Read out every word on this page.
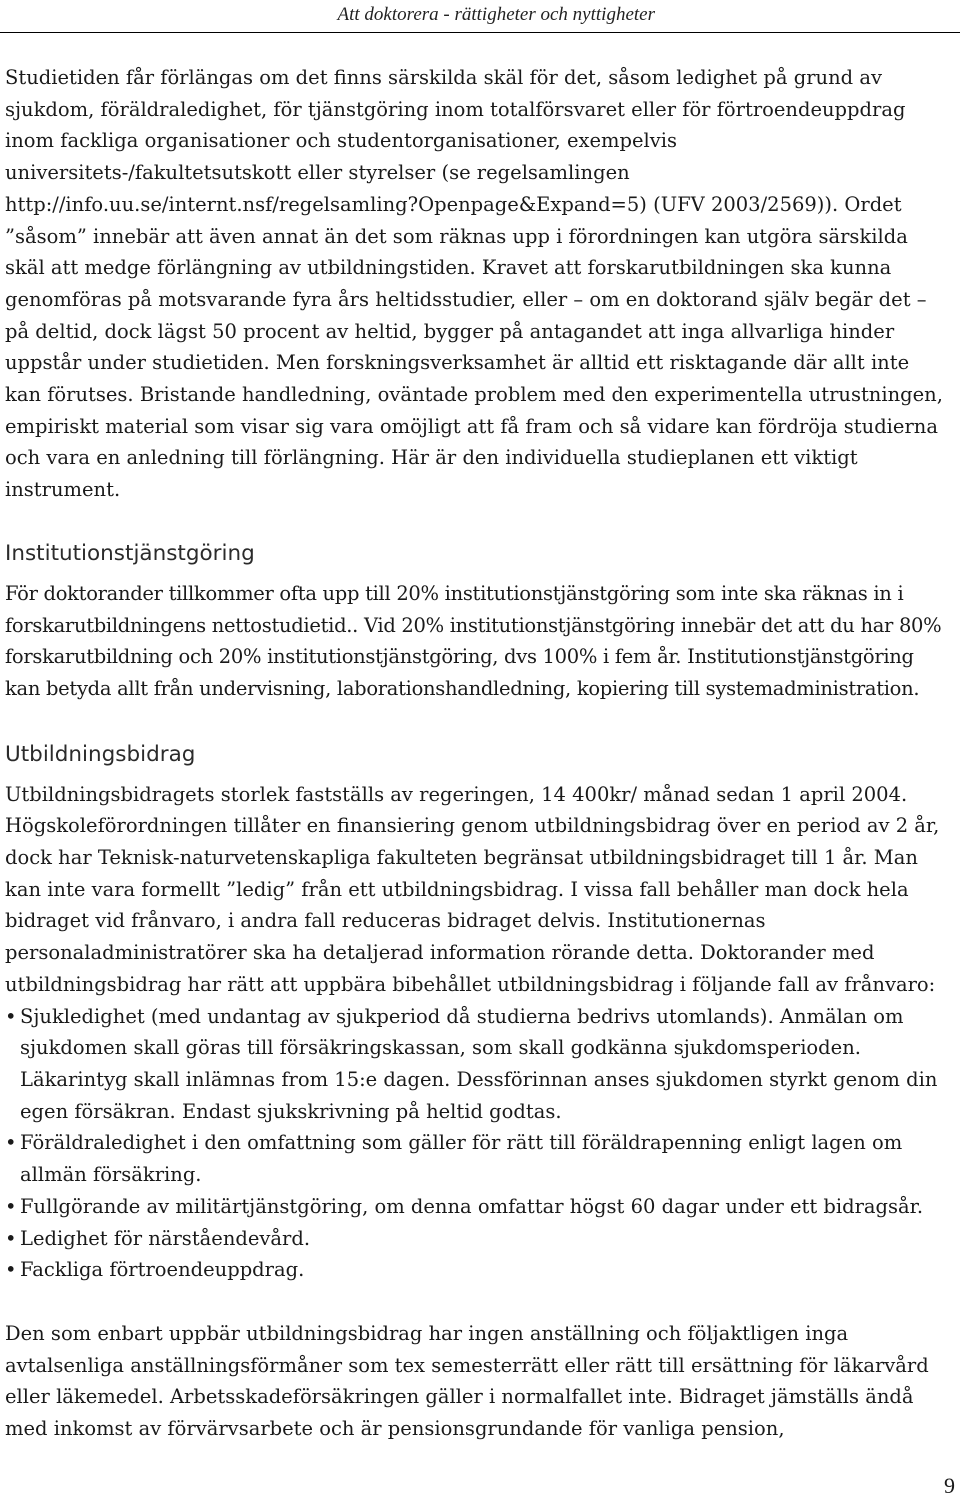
Att doktorera - rättigheter och nyttigheter

Studietiden får förlängas om det finns särskilda skäl för det, såsom ledighet på grund av sjukdom, föräldraledighet, för tjänstgöring inom totalförsvaret eller för förtroendeuppdrag inom fackliga organisationer och studentorganisationer, exempelvis universitets-/fakultetsutskott eller styrelser (se regelsamlingen http://info.uu.se/internt.nsf/regelsamling?Openpage&Expand=5) (UFV 2003/2569)). Ordet ”såsom” innebär att även annat än det som räknas upp i förordningen kan utgöra särskilda skäl att medge förlängning av utbildningstiden. Kravet att forskarutbildningen ska kunna genomföras på motsvarande fyra års heltidsstudier, eller – om en doktorand själv begär det – på deltid, dock lägst 50 procent av heltid, bygger på antagandet att inga allvarliga hinder uppstår under studietiden. Men forskningsverksamhet är alltid ett risktagande där allt inte kan förutses. Bristande handledning, oväntade problem med den experimentella utrustningen, empiriskt material som visar sig vara omöjligt att få fram och så vidare kan fördröja studierna och vara en anledning till förlängning. Här är den individuella studieplanen ett viktigt instrument.

Institutionstjänstgöring

För doktorander tillkommer ofta upp till 20% institutionstjänstgöring som inte ska räknas in i forskarutbildningens nettostudietid.. Vid 20% institutionstjänstgöring innebär det att du har 80% forskarutbildning och 20% institutionstjänstgöring, dvs 100% i fem år. Institutionstjänstgöring kan betyda allt från undervisning, laborationshandledning, kopiering till systemadministration.

Utbildningsbidrag

Utbildningsbidragets storlek fastställs av regeringen, 14 400kr/ månad sedan 1 april 2004. Högskoleförordningen tillåter en finansiering genom utbildningsbidrag över en period av 2 år, dock har Teknisk-naturvetenskapliga fakulteten begränsat utbildningsbidraget till 1 år. Man kan inte vara formellt ”ledig” från ett utbildningsbidrag. I vissa fall behåller man dock hela bidraget vid frånvaro, i andra fall reduceras bidraget delvis. Institutionernas personaladministratörer ska ha detaljerad information rörande detta. Doktorander med utbildningsbidrag har rätt att uppbära bibehållet utbildningsbidrag i följande fall av frånvaro:

• Sjukledighet (med undantag av sjukperiod då studierna bedrivs utomlands). Anmälan om sjukdomen skall göras till försäkringskassan, som skall godkänna sjukdomsperioden. Läkarintyg skall inlämnas from 15:e dagen. Dessförinnan anses sjukdomen styrkt genom din egen försäkran. Endast sjukskrivning på heltid godtas.
• Föräldraledighet i den omfattning som gäller för rätt till föräldrapenning enligt lagen om allmän försäkring.
• Fullgörande av militärtjänstgöring, om denna omfattar högst 60 dagar under ett bidragsår.
• Ledighet för närståendevård.
• Fackliga förtroendeuppdrag.

Den som enbart uppbär utbildningsbidrag har ingen anställning och följaktligen inga avtalsenliga anställningsförmåner som tex semesterrätt eller rätt till ersättning för läkarvård eller läkemedel. Arbetsskadeförsäkringen gäller i normalfallet inte. Bidraget jämställs ändå med inkomst av förvärvsarbete och är pensionsgrundande för vanliga pension,

9
